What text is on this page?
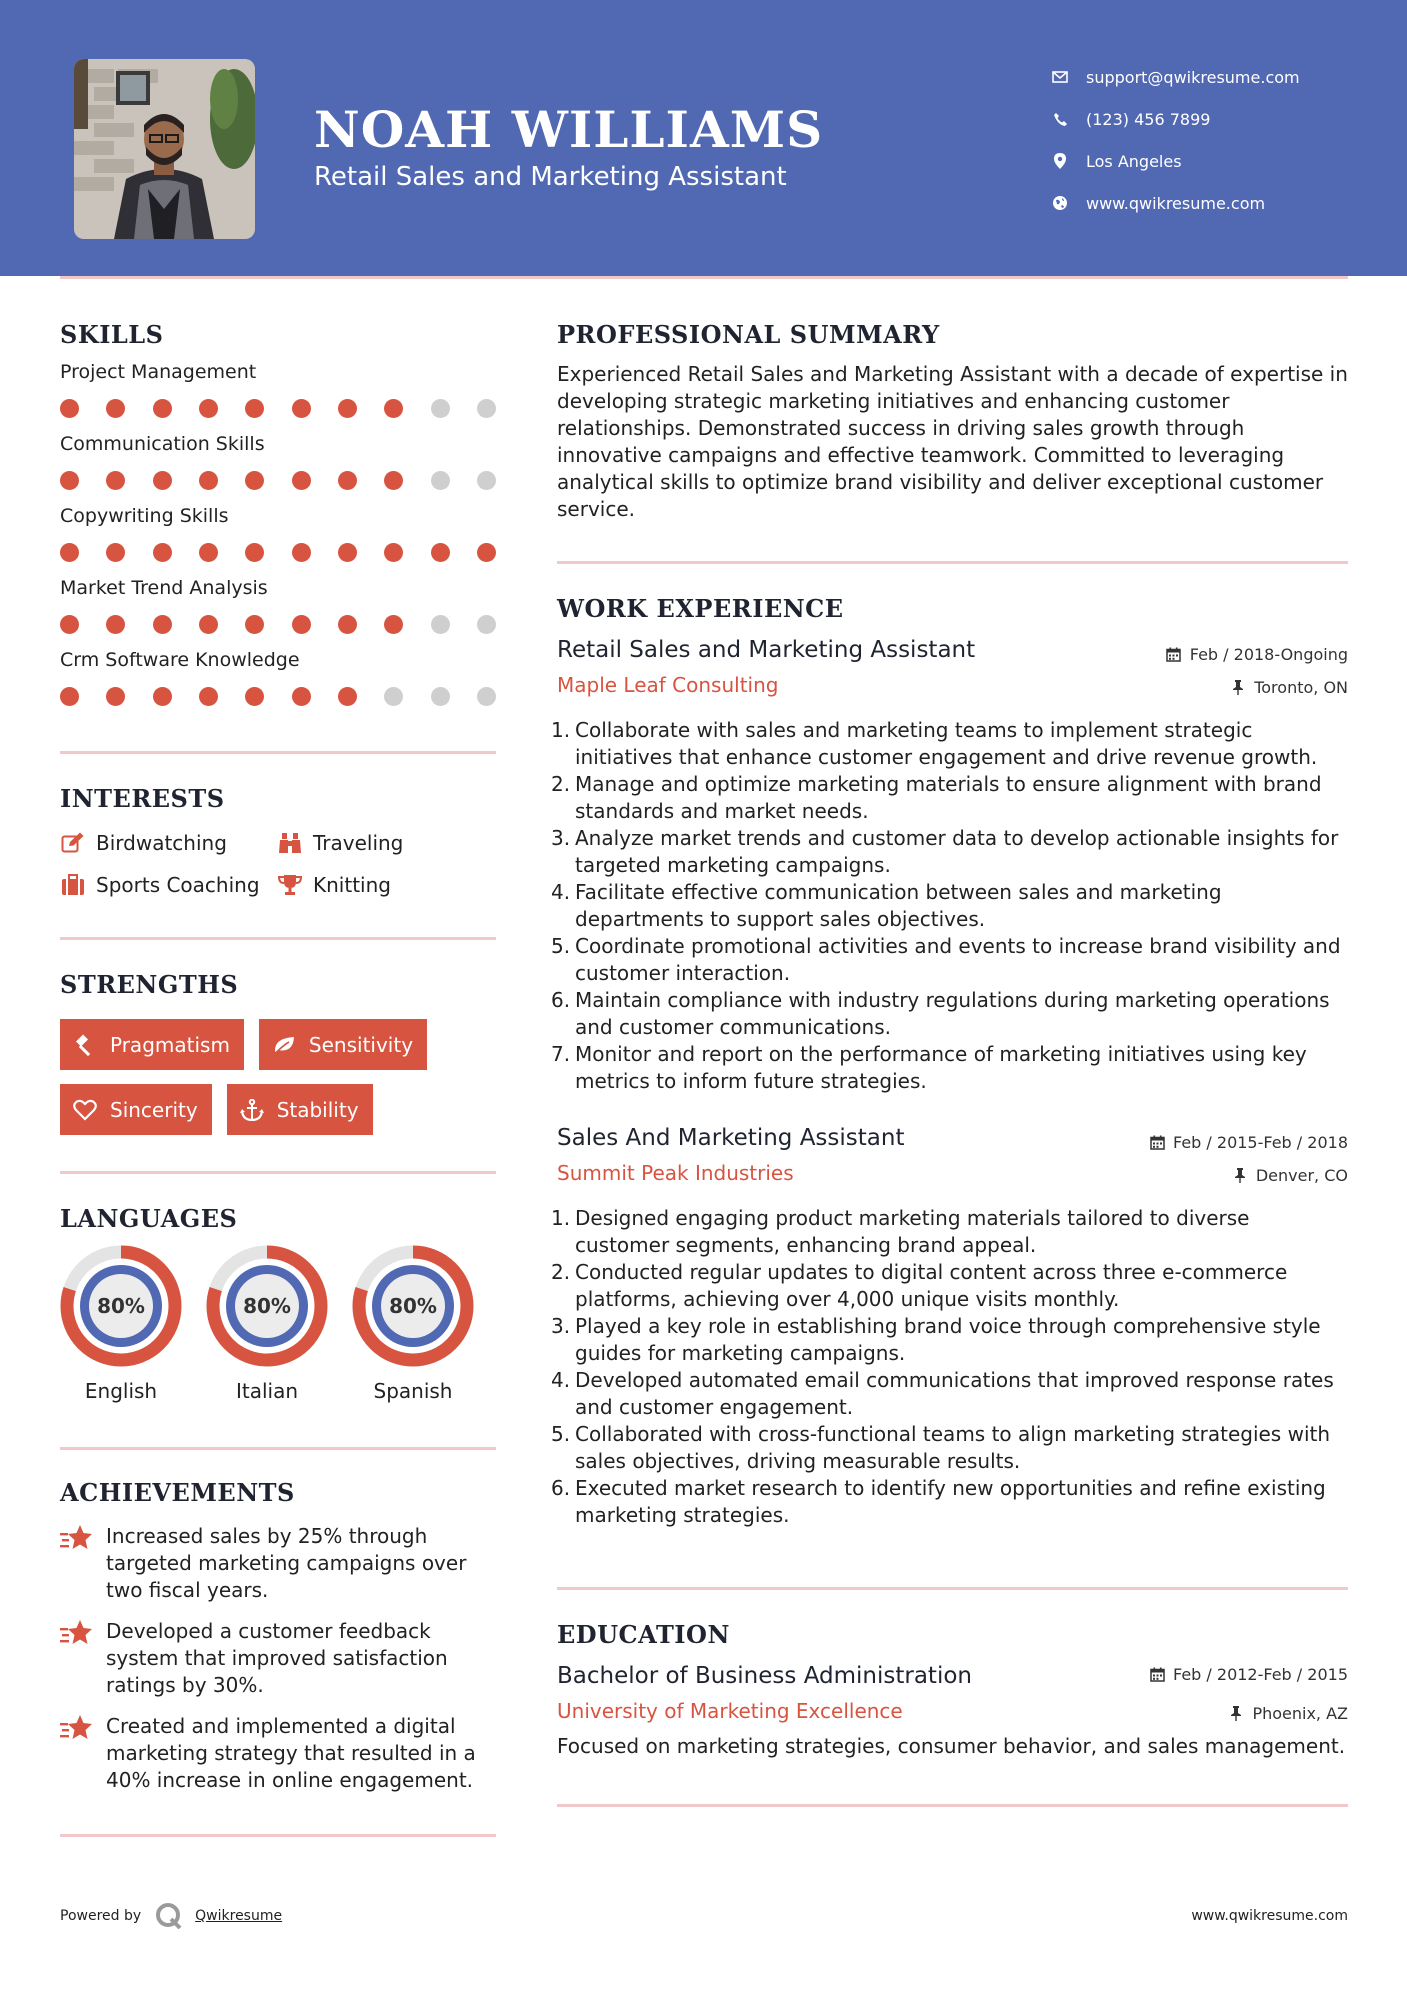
NOAH WILLIAMS
Retail Sales and Marketing Assistant
support@qwikresume.com
(123) 456 7899
Los Angeles
www.qwikresume.com
SKILLS
Project Management
Communication Skills
Copywriting Skills
Market Trend Analysis
Crm Software Knowledge
INTERESTS
Birdwatching	Traveling
Sports Coaching	Knitting
STRENGTHS
Pragmatism	Sensitivity
Sincerity	Stability
LANGUAGES
80%
English
80%
Italian
80%
Spanish
ACHIEVEMENTS
Increased sales by 25% through targeted marketing campaigns over two fiscal years.
Developed a customer feedback system that improved satisfaction ratings by 30%.
Created and implemented a digital marketing strategy that resulted in a 40% increase in online engagement.
PROFESSIONAL SUMMARY
Experienced Retail Sales and Marketing Assistant with a decade of expertise in developing strategic marketing initiatives and enhancing customer relationships. Demonstrated success in driving sales growth through innovative campaigns and effective teamwork. Committed to leveraging analytical skills to optimize brand visibility and deliver exceptional customer service.
WORK EXPERIENCE
Retail Sales and Marketing Assistant
Maple Leaf Consulting
Feb / 2018-Ongoing
Toronto, ON
1. Collaborate with sales and marketing teams to implement strategic initiatives that enhance customer engagement and drive revenue growth.
2. Manage and optimize marketing materials to ensure alignment with brand standards and market needs.
3. Analyze market trends and customer data to develop actionable insights for targeted marketing campaigns.
4. Facilitate effective communication between sales and marketing departments to support sales objectives.
5. Coordinate promotional activities and events to increase brand visibility and customer interaction.
6. Maintain compliance with industry regulations during marketing operations and customer communications.
7. Monitor and report on the performance of marketing initiatives using key metrics to inform future strategies.
Sales And Marketing Assistant
Summit Peak Industries
Feb / 2015-Feb / 2018
Denver, CO
1. Designed engaging product marketing materials tailored to diverse customer segments, enhancing brand appeal.
2. Conducted regular updates to digital content across three e-commerce platforms, achieving over 4,000 unique visits monthly.
3. Played a key role in establishing brand voice through comprehensive style guides for marketing campaigns.
4. Developed automated email communications that improved response rates and customer engagement.
5. Collaborated with cross-functional teams to align marketing strategies with sales objectives, driving measurable results.
6. Executed market research to identify new opportunities and refine existing marketing strategies.
EDUCATION
Bachelor of Business Administration
University of Marketing Excellence
Feb / 2012-Feb / 2015
Phoenix, AZ
Focused on marketing strategies, consumer behavior, and sales management.
Powered by	Qwikresume	www.qwikresume.com
